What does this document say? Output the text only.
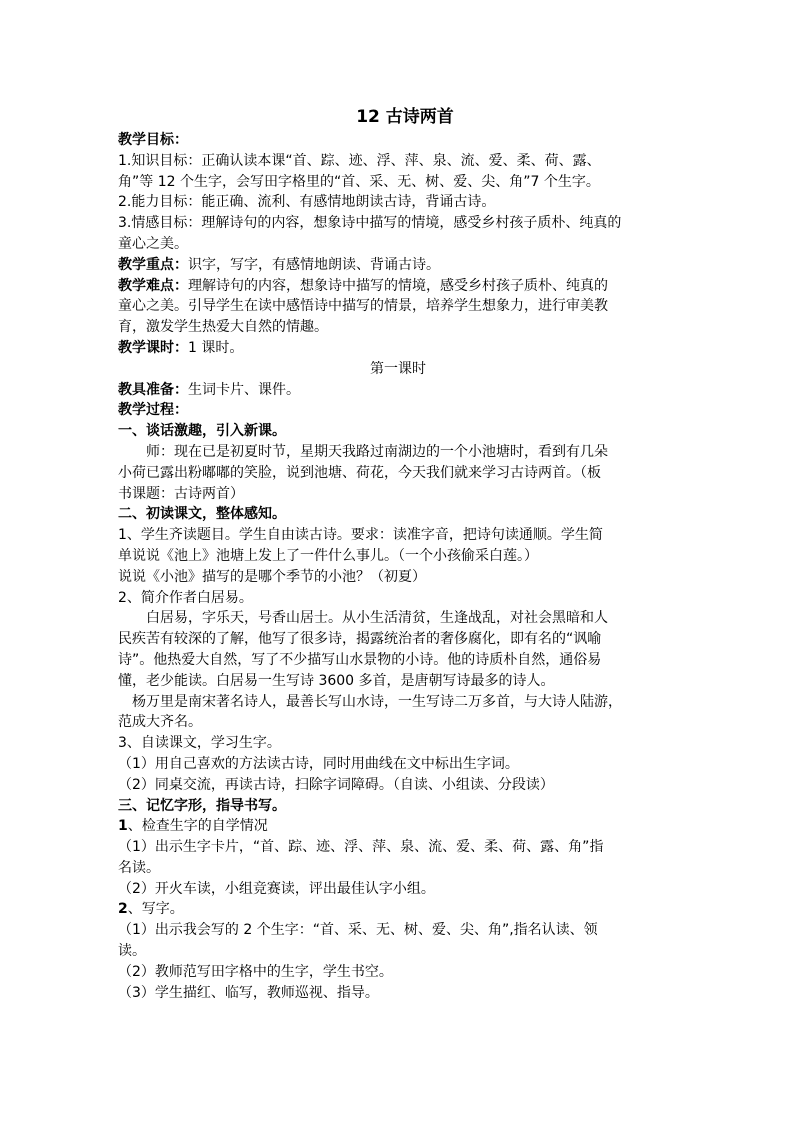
12 古诗两首
教学目标：
1.知识目标：正确认读本课“首、踪、迹、浮、萍、泉、流、爱、柔、荷、露、
角”等 12 个生字，会写田字格里的“首、采、无、树、爱、尖、角”7 个生字。
2.能力目标：能正确、流利、有感情地朗读古诗，背诵古诗。
3.情感目标：理解诗句的内容，想象诗中描写的情境，感受乡村孩子质朴、纯真的
童心之美。
教学重点：识字，写字，有感情地朗读、背诵古诗。
教学难点：理解诗句的内容，想象诗中描写的情境，感受乡村孩子质朴、纯真的
童心之美。引导学生在读中感悟诗中描写的情景，培养学生想象力，进行审美教
育，激发学生热爱大自然的情趣。
教学课时：1 课时。
第一课时
教具准备：生词卡片、课件。
教学过程：
一、谈话激趣，引入新课。
师：现在已是初夏时节，星期天我路过南湖边的一个小池塘时，看到有几朵
小荷已露出粉嘟嘟的笑脸，说到池塘、荷花，今天我们就来学习古诗两首。（板
书课题：古诗两首）
二、初读课文，整体感知。
1、学生齐读题目。学生自由读古诗。要求：读准字音，把诗句读通顺。学生简
单说说《池上》池塘上发上了一件什么事儿。（一个小孩偷采白莲。）
说说《小池》描写的是哪个季节的小池？（初夏）
2、简介作者白居易。
白居易，字乐天，号香山居士。从小生活清贫，生逢战乱，对社会黑暗和人
民疾苦有较深的了解，他写了很多诗，揭露统治者的奢侈腐化，即有名的“讽喻
诗”。他热爱大自然，写了不少描写山水景物的小诗。他的诗质朴自然，通俗易
懂，老少能读。白居易一生写诗 3600 多首，是唐朝写诗最多的诗人。
杨万里是南宋著名诗人，最善长写山水诗，一生写诗二万多首，与大诗人陆游，
范成大齐名。
3、自读课文，学习生字。
（1）用自己喜欢的方法读古诗，同时用曲线在文中标出生字词。
（2）同桌交流，再读古诗，扫除字词障碍。（自读、小组读、分段读）
三、记忆字形，指导书写。
1、检查生字的自学情况
（1）出示生字卡片，“首、踪、迹、浮、萍、泉、流、爱、柔、荷、露、角”指
名读。
（2）开火车读，小组竞赛读，评出最佳认字小组。
2、写字。
（1）出示我会写的 2 个生字：“首、采、无、树、爱、尖、角”,指名认读、领
读。
（2）教师范写田字格中的生字，学生书空。
（3）学生描红、临写，教师巡视、指导。
